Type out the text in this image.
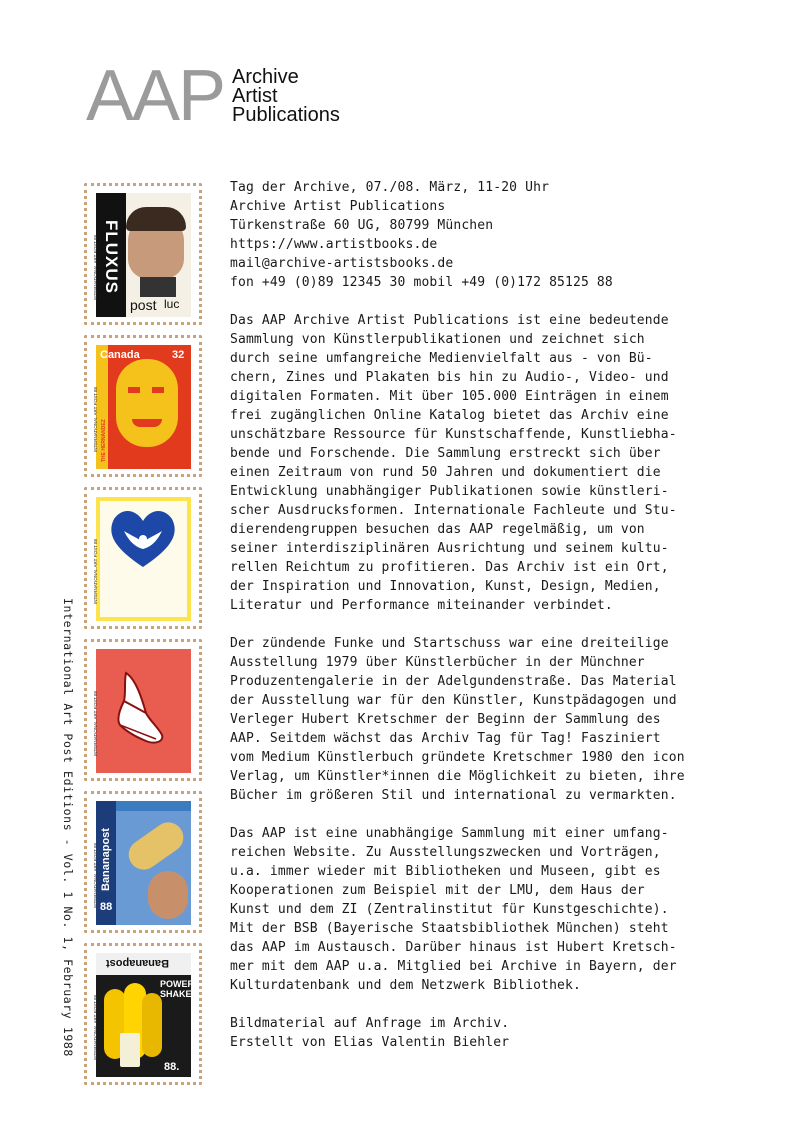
AAP Archive
Artist
Publications
International Art Post Editions - Vol. 1 No. 1, February 1988
FLUXUS
post luc
INTERNATIONAL ART POST 88
Canada	32
THE HERNANDEZ
INTERNATIONAL ART POST 88
INTERNATIONAL ART POST 88
INTERNATIONAL ART POST 88
Bananapost
88
INTERNATIONAL ART POST 88
Bananapost
POWER
SHAKE!
88.
INTERNATIONAL ART POST 88

Tag der Archive, 07./08. März, 11-20 Uhr
Archive Artist Publications
Türkenstraße 60 UG, 80799 München
https://www.artistbooks.de
mail@archive-artistsbooks.de
fon +49 (0)89 12345 30 mobil +49 (0)172 85125 88

Das AAP Archive Artist Publications ist eine bedeutende
Sammlung von Künstlerpublikationen und zeichnet sich
durch seine umfangreiche Medienvielfalt aus - von Bü-
chern, Zines und Plakaten bis hin zu Audio-, Video- und
digitalen Formaten. Mit über 105.000 Einträgen in einem
frei zugänglichen Online Katalog bietet das Archiv eine
unschätzbare Ressource für Kunstschaffende, Kunstliebha-
bende und Forschende. Die Sammlung erstreckt sich über
einen Zeitraum von rund 50 Jahren und dokumentiert die
Entwicklung unabhängiger Publikationen sowie künstleri-
scher Ausdrucksformen. Internationale Fachleute und Stu-
dierendengruppen besuchen das AAP regelmäßig, um von
seiner interdisziplinären Ausrichtung und seinem kultu-
rellen Reichtum zu profitieren. Das Archiv ist ein Ort,
der Inspiration und Innovation, Kunst, Design, Medien,
Literatur und Performance miteinander verbindet.

Der zündende Funke und Startschuss war eine dreiteilige
Ausstellung 1979 über Künstlerbücher in der Münchner
Produzentengalerie in der Adelgundenstraße. Das Material
der Ausstellung war für den Künstler, Kunstpädagogen und
Verleger Hubert Kretschmer der Beginn der Sammlung des
AAP. Seitdem wächst das Archiv Tag für Tag! Fasziniert
vom Medium Künstlerbuch gründete Kretschmer 1980 den icon
Verlag, um Künstler*innen die Möglichkeit zu bieten, ihre
Bücher im größeren Stil und international zu vermarkten.

Das AAP ist eine unabhängige Sammlung mit einer umfang-
reichen Website. Zu Ausstellungszwecken und Vorträgen,
u.a. immer wieder mit Bibliotheken und Museen, gibt es
Kooperationen zum Beispiel mit der LMU, dem Haus der
Kunst und dem ZI (Zentralinstitut für Kunstgeschichte).
Mit der BSB (Bayerische Staatsbibliothek München) steht
das AAP im Austausch. Darüber hinaus ist Hubert Kretsch-
mer mit dem AAP u.a. Mitglied bei Archive in Bayern, der
Kulturdatenbank und dem Netzwerk Bibliothek.

Bildmaterial auf Anfrage im Archiv.
Erstellt von Elias Valentin Biehler
